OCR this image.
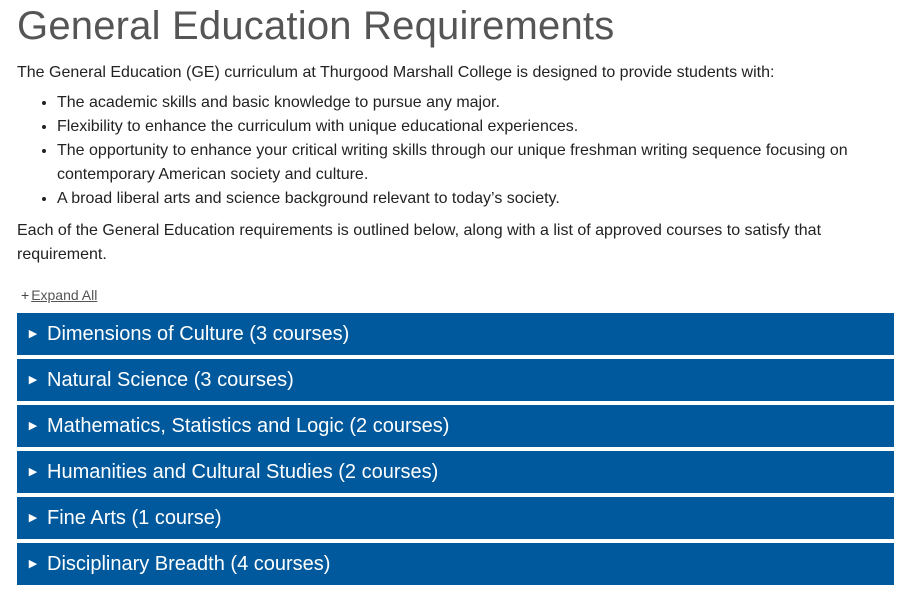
General Education Requirements

The General Education (GE) curriculum at Thurgood Marshall College is designed to provide students with:

• The academic skills and basic knowledge to pursue any major.
• Flexibility to enhance the curriculum with unique educational experiences.
• The opportunity to enhance your critical writing skills through our unique freshman writing sequence focusing on contemporary American society and culture.
• A broad liberal arts and science background relevant to today’s society.

Each of the General Education requirements is outlined below, along with a list of approved courses to satisfy that requirement.

+ Expand All
▶ Dimensions of Culture (3 courses)
▶ Natural Science (3 courses)
▶ Mathematics, Statistics and Logic (2 courses)
▶ Humanities and Cultural Studies (2 courses)
▶ Fine Arts (1 course)
▶ Disciplinary Breadth (4 courses)
